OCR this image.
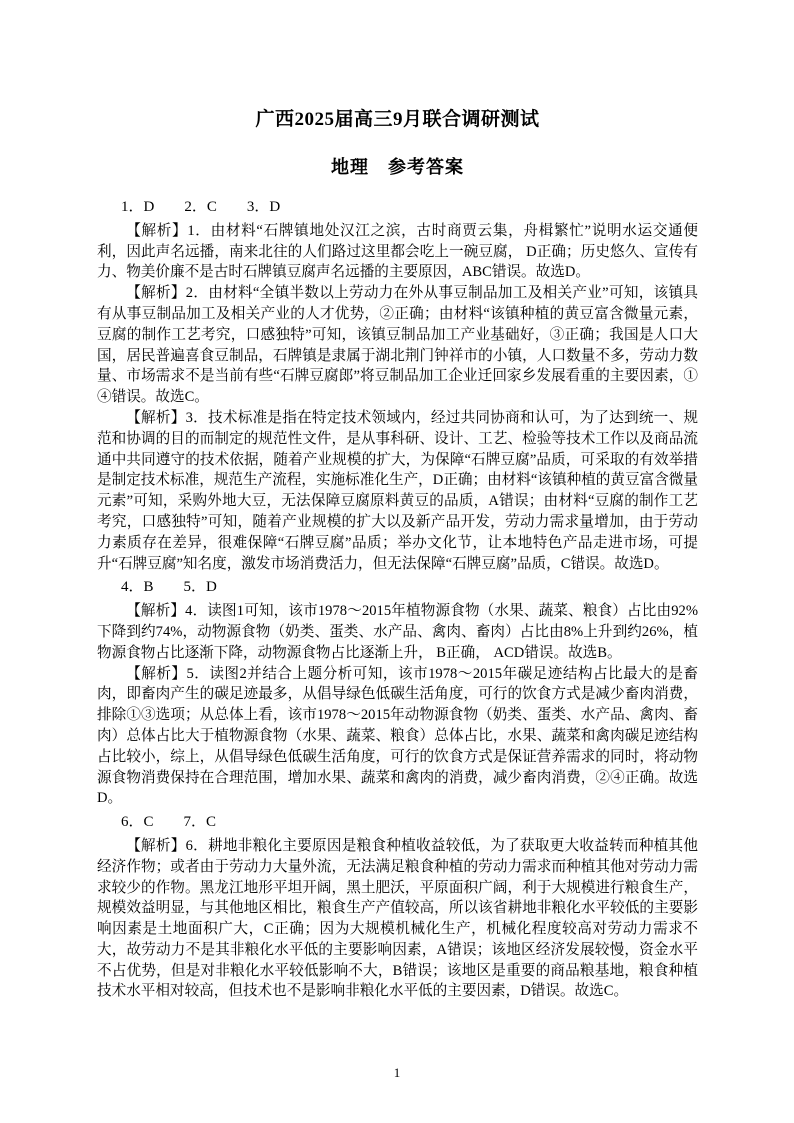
广西2025届高三9月联合调研测试
地理　参考答案

1．D　　2．C　　3．D

【解析】1．由材料“石牌镇地处汉江之滨，古时商贾云集，舟楫繁忙”说明水运交通便利，因此声名远播，南来北往的人们路过这里都会吃上一碗豆腐， D正确；历史悠久、宣传有力、物美价廉不是古时石牌镇豆腐声名远播的主要原因，ABC错误。故选D。

【解析】2．由材料“全镇半数以上劳动力在外从事豆制品加工及相关产业”可知，该镇具有从事豆制品加工及相关产业的人才优势，②正确；由材料“该镇种植的黄豆富含微量元素，豆腐的制作工艺考究，口感独特”可知，该镇豆制品加工产业基础好，③正确；我国是人口大国，居民普遍喜食豆制品，石牌镇是隶属于湖北荆门钟祥市的小镇，人口数量不多，劳动力数量、市场需求不是当前有些“石牌豆腐郎”将豆制品加工企业迁回家乡发展看重的主要因素，①④错误。故选C。

【解析】3．技术标准是指在特定技术领域内，经过共同协商和认可，为了达到统一、规范和协调的目的而制定的规范性文件，是从事科研、设计、工艺、检验等技术工作以及商品流通中共同遵守的技术依据，随着产业规模的扩大，为保障“石牌豆腐”品质，可采取的有效举措是制定技术标准，规范生产流程，实施标准化生产，D正确；由材料“该镇种植的黄豆富含微量元素”可知，采购外地大豆，无法保障豆腐原料黄豆的品质，A错误；由材料“豆腐的制作工艺考究，口感独特”可知，随着产业规模的扩大以及新产品开发，劳动力需求量增加，由于劳动力素质存在差异，很难保障“石牌豆腐”品质；举办文化节，让本地特色产品走进市场，可提升“石牌豆腐”知名度，激发市场消费活力，但无法保障“石牌豆腐”品质，C错误。故选D。

4．B　　5．D

【解析】4．读图1可知，该市1978～2015年植物源食物（水果、蔬菜、粮食）占比由92%下降到约74%，动物源食物（奶类、蛋类、水产品、禽肉、畜肉）占比由8%上升到约26%，植物源食物占比逐渐下降，动物源食物占比逐渐上升， B正确， ACD错误。故选B。

【解析】5．读图2并结合上题分析可知，该市1978～2015年碳足迹结构占比最大的是畜肉，即畜肉产生的碳足迹最多，从倡导绿色低碳生活角度，可行的饮食方式是减少畜肉消费，排除①③选项；从总体上看，该市1978～2015年动物源食物（奶类、蛋类、水产品、禽肉、畜肉）总体占比大于植物源食物（水果、蔬菜、粮食）总体占比，水果、蔬菜和禽肉碳足迹结构占比较小，综上，从倡导绿色低碳生活角度，可行的饮食方式是保证营养需求的同时，将动物源食物消费保持在合理范围，增加水果、蔬菜和禽肉的消费，减少畜肉消费，②④正确。故选D。

6．C　　7．C

【解析】6．耕地非粮化主要原因是粮食种植收益较低，为了获取更大收益转而种植其他经济作物；或者由于劳动力大量外流，无法满足粮食种植的劳动力需求而种植其他对劳动力需求较少的作物。黑龙江地形平坦开阔，黑土肥沃，平原面积广阔，利于大规模进行粮食生产，规模效益明显，与其他地区相比，粮食生产产值较高，所以该省耕地非粮化水平较低的主要影响因素是土地面积广大，C正确；因为大规模机械化生产，机械化程度较高对劳动力需求不大，故劳动力不是其非粮化水平低的主要影响因素，A错误；该地区经济发展较慢，资金水平不占优势，但是对非粮化水平较低影响不大，B错误；该地区是重要的商品粮基地，粮食种植技术水平相对较高，但技术也不是影响非粮化水平低的主要因素，D错误。故选C。

1
